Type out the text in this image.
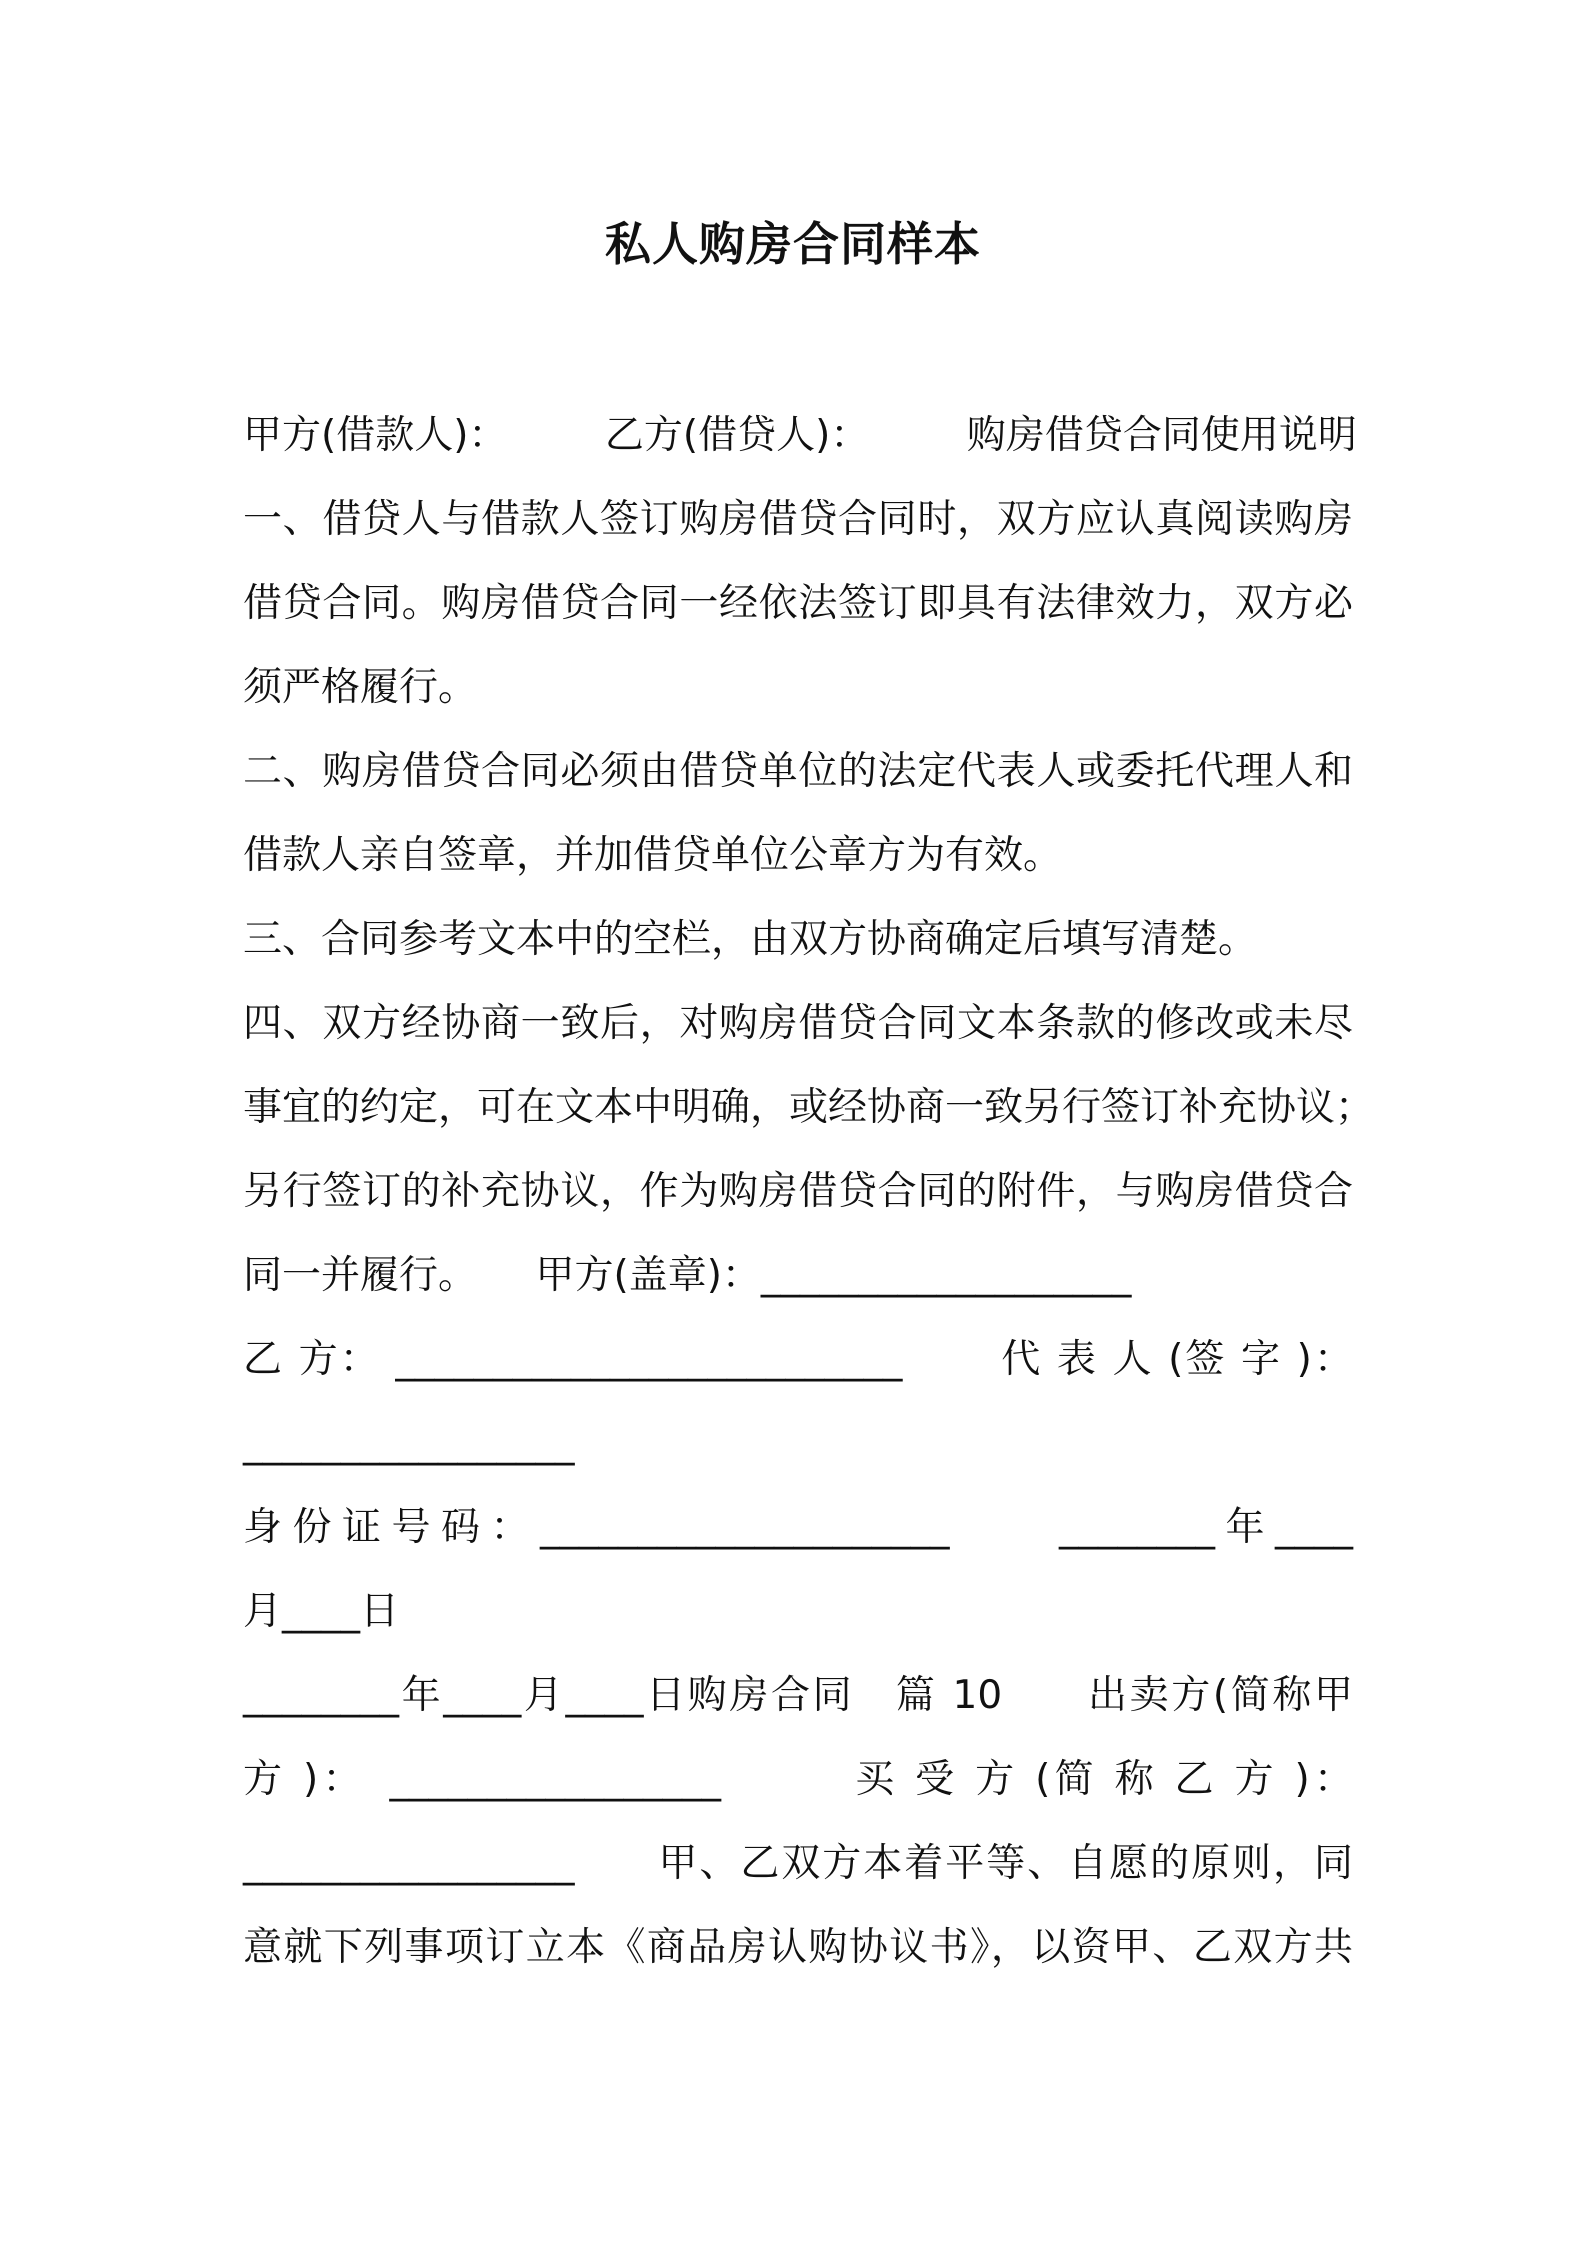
私人购房合同样本
甲方(借款人)：　　　乙方(借贷人)：　　　购房借贷合同使用说明
一、借贷人与借款人签订购房借贷合同时，双方应认真阅读购房
借贷合同。购房借贷合同一经依法签订即具有法律效力，双方必
须严格履行。
二、购房借贷合同必须由借贷单位的法定代表人或委托代理人和
借款人亲自签章，并加借贷单位公章方为有效。
三、合同参考文本中的空栏，由双方协商确定后填写清楚。
四、双方经协商一致后，对购房借贷合同文本条款的修改或未尽
事宜的约定，可在文本中明确，或经协商一致另行签订补充协议；
另行签订的补充协议，作为购房借贷合同的附件，与购房借贷合
同一并履行。　　甲方(盖章)：___________________
乙 方： __________________________　　 代 表 人 (签 字 )：
_________________
身份证号码：_____________________　　________年____
月____日
________年____月____日购房合同　篇 10　　出卖方(简称甲
方 )：　_________________　　　买 受 方 (简 称 乙 方 )：
_________________　　甲、乙双方本着平等、自愿的原则，同
意就下列事项订立本《商品房认购协议书》，以资甲、乙双方共
